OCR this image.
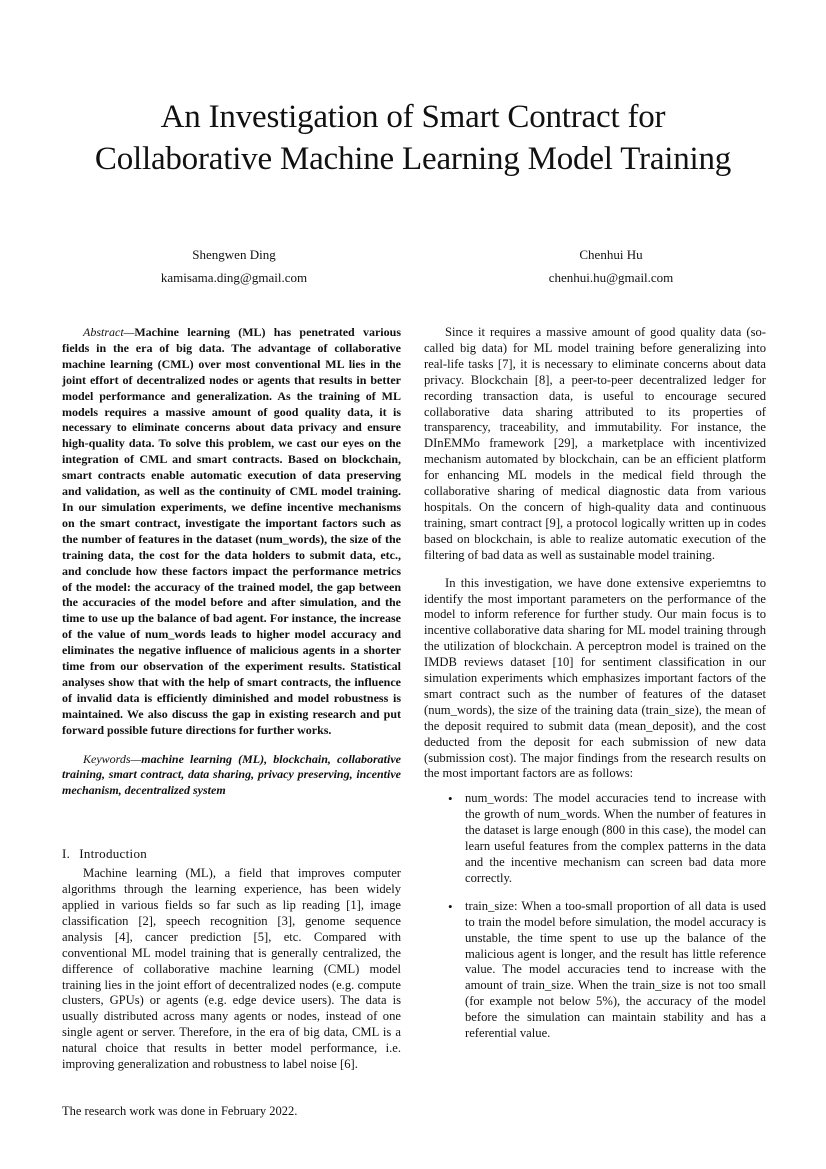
An Investigation of Smart Contract for
Collaborative Machine Learning Model Training
Shengwen Ding
kamisama.ding@gmail.com
Chenhui Hu
chenhui.hu@gmail.com

Abstract—Machine learning (ML) has penetrated various fields in the era of big data. The advantage of collaborative machine learning (CML) over most conventional ML lies in the joint effort of decentralized nodes or agents that results in better model performance and generalization. As the training of ML models requires a massive amount of good quality data, it is necessary to eliminate concerns about data privacy and ensure high-quality data. To solve this problem, we cast our eyes on the integration of CML and smart contracts. Based on blockchain, smart contracts enable automatic execution of data preserving and validation, as well as the continuity of CML model training. In our simulation experiments, we define incentive mechanisms on the smart contract, investigate the important factors such as the number of features in the dataset (num_words), the size of the training data, the cost for the data holders to submit data, etc., and conclude how these factors impact the performance metrics of the model: the accuracy of the trained model, the gap between the accuracies of the model before and after simulation, and the time to use up the balance of bad agent. For instance, the increase of the value of num_words leads to higher model accuracy and eliminates the negative influence of malicious agents in a shorter time from our observation of the experiment results. Statistical analyses show that with the help of smart contracts, the influence of invalid data is efficiently diminished and model robustness is maintained. We also discuss the gap in existing research and put forward possible future directions for further works.

Keywords—machine learning (ML), blockchain, collaborative training, smart contract, data sharing, privacy preserving, incentive mechanism, decentralized system

I. Introduction

Machine learning (ML), a field that improves computer algorithms through the learning experience, has been widely applied in various fields so far such as lip reading [1], image classification [2], speech recognition [3], genome sequence analysis [4], cancer prediction [5], etc. Compared with conventional ML model training that is generally centralized, the difference of collaborative machine learning (CML) model training lies in the joint effort of decentralized nodes (e.g. compute clusters, GPUs) or agents (e.g. edge device users). The data is usually distributed across many agents or nodes, instead of one single agent or server. Therefore, in the era of big data, CML is a natural choice that results in better model performance, i.e. improving generalization and robustness to label noise [6].

Since it requires a massive amount of good quality data (so-called big data) for ML model training before generalizing into real-life tasks [7], it is necessary to eliminate concerns about data privacy. Blockchain [8], a peer-to-peer decentralized ledger for recording transaction data, is useful to encourage secured collaborative data sharing attributed to its properties of transparency, traceability, and immutability. For instance, the DInEMMo framework [29], a marketplace with incentivized mechanism automated by blockchain, can be an efficient platform for enhancing ML models in the medical field through the collaborative sharing of medical diagnostic data from various hospitals. On the concern of high-quality data and continuous training, smart contract [9], a protocol logically written up in codes based on blockchain, is able to realize automatic execution of the filtering of bad data as well as sustainable model training.

In this investigation, we have done extensive experiemtns to identify the most important parameters on the performance of the model to inform reference for further study. Our main focus is to incentive collaborative data sharing for ML model training through the utilization of blockchain. A perceptron model is trained on the IMDB reviews dataset [10] for sentiment classification in our simulation experiments which emphasizes important factors of the smart contract such as the number of features of the dataset (num_words), the size of the training data (train_size), the mean of the deposit required to submit data (mean_deposit), and the cost deducted from the deposit for each submission of new data (submission cost). The major findings from the research results on the most important factors are as follows:

• num_words: The model accuracies tend to increase with the growth of num_words. When the number of features in the dataset is large enough (800 in this case), the model can learn useful features from the complex patterns in the data and the incentive mechanism can screen bad data more correctly.
• train_size: When a too-small proportion of all data is used to train the model before simulation, the model accuracy is unstable, the time spent to use up the balance of the malicious agent is longer, and the result has little reference value. The model accuracies tend to increase with the amount of train_size. When the train_size is not too small (for example not below 5%), the accuracy of the model before the simulation can maintain stability and has a referential value.
The research work was done in February 2022.
